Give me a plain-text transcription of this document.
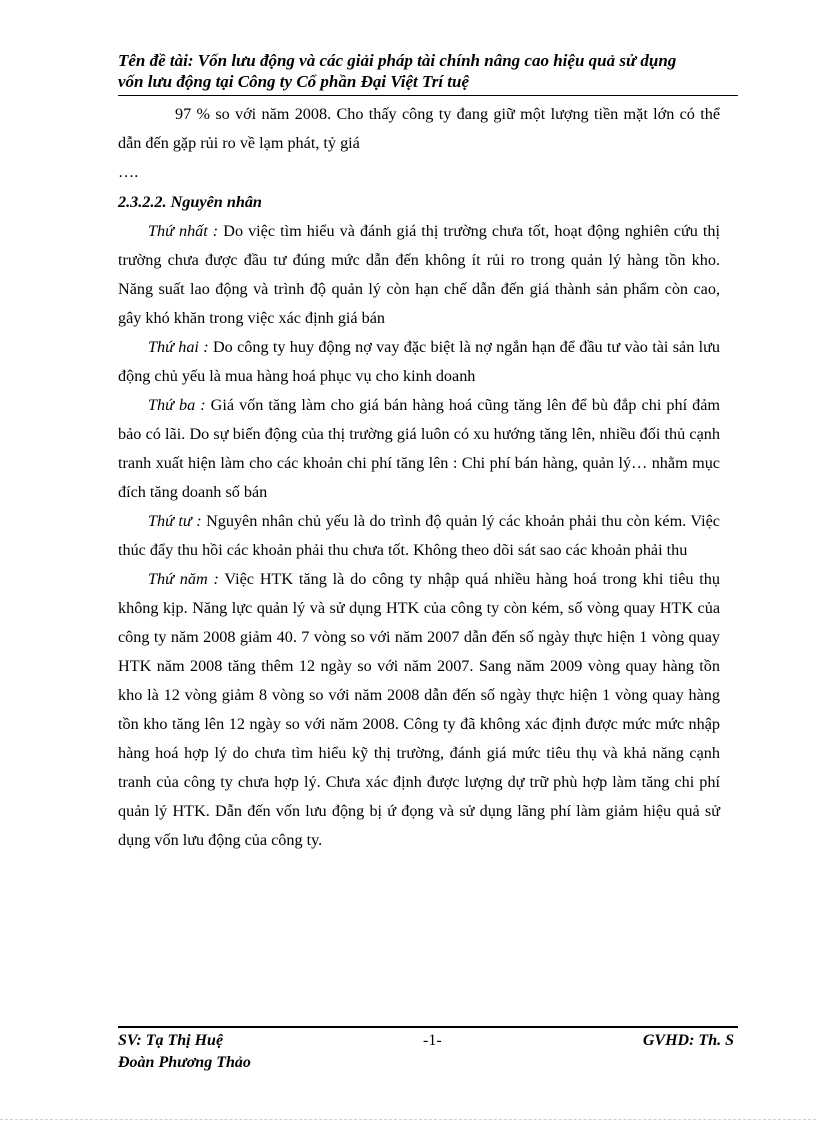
Tên đề tài: Vốn lưu động và các giải pháp tài chính nâng cao hiệu quả sử dụng
vốn lưu động tại Công ty Cổ phần Đại Việt Trí tuệ

97 % so với năm 2008. Cho thấy công ty đang giữ một lượng tiền mặt lớn có thể dẫn đến gặp rủi ro về lạm phát, tỷ giá

….

2.3.2.2. Nguyên nhân

Thứ nhất : Do việc tìm hiểu và đánh giá thị trường chưa tốt, hoạt động nghiên cứu thị trường chưa được đầu tư đúng mức dẫn đến không ít rủi ro trong quản lý hàng tồn kho. Năng suất lao động và trình độ quản lý còn hạn chế dẫn đến giá thành sản phẩm còn cao, gây khó khăn trong việc xác định giá bán

Thứ hai : Do công ty huy động nợ vay đặc biệt là nợ ngắn hạn để đầu tư vào tài sản lưu động chủ yếu là mua hàng hoá phục vụ cho kinh doanh

Thứ ba : Giá vốn tăng làm cho giá bán hàng hoá cũng tăng lên để bù đắp chi phí đảm bảo có lãi. Do sự biến động của thị trường giá luôn có xu hướng tăng lên, nhiều đối thủ cạnh tranh xuất hiện làm cho các khoản chi phí tăng lên : Chi phí bán hàng, quản lý… nhằm mục đích tăng doanh số bán

Thứ tư : Nguyên nhân chủ yếu là do trình độ quản lý các khoản phải thu còn kém. Việc thúc đẩy thu hồi các khoản phải thu chưa tốt. Không theo dõi sát sao các khoản phải thu

Thứ năm : Việc HTK tăng là do công ty nhập quá nhiều hàng hoá trong khi tiêu thụ không kịp. Năng lực quản lý và sử dụng HTK của công ty còn kém, số vòng quay HTK của công ty năm 2008 giảm 40. 7 vòng so với năm 2007 dẫn đến số ngày thực hiện 1 vòng quay HTK năm 2008 tăng thêm 12 ngày so với năm 2007. Sang năm 2009 vòng quay hàng tồn kho là 12 vòng giảm 8 vòng so với năm 2008 dẫn đến số ngày thực hiện 1 vòng quay hàng tồn kho tăng lên 12 ngày so với năm 2008. Công ty đã không xác định được mức mức nhập hàng hoá hợp lý do chưa tìm hiểu kỹ thị trường, đánh giá mức tiêu thụ và khả năng cạnh tranh của công ty chưa hợp lý. Chưa xác định được lượng dự trữ phù hợp làm tăng chi phí quản lý HTK. Dẫn đến vốn lưu động bị ứ đọng và sử dụng lãng phí làm giảm hiệu quả sử dụng vốn lưu động của công ty.

SV: Tạ Thị Huệ
Đoàn Phương Thảo
-1-	GVHD: Th. S
